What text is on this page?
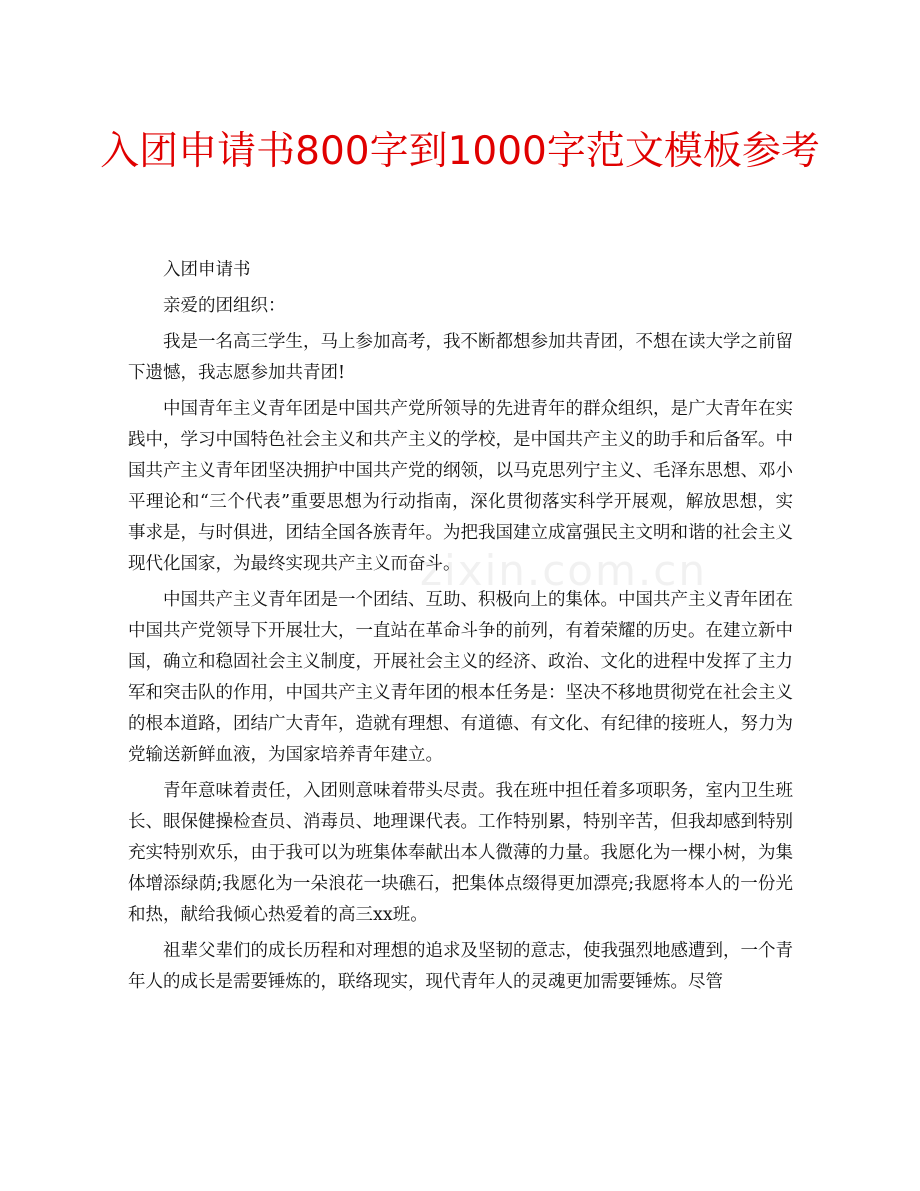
入团申请书800字到1000字范文模板参考
zixin.com.cn

入团申请书

亲爱的团组织：

我是一名高三学生，马上参加高考，我不断都想参加共青团，不想在读大学之前留下遗憾，我志愿参加共青团!

中国青年主义青年团是中国共产党所领导的先进青年的群众组织，是广大青年在实践中，学习中国特色社会主义和共产主义的学校，是中国共产主义的助手和后备军。中国共产主义青年团坚决拥护中国共产党的纲领，以马克思列宁主义、毛泽东思想、邓小平理论和“三个代表”重要思想为行动指南，深化贯彻落实科学开展观，解放思想，实事求是，与时俱进，团结全国各族青年。为把我国建立成富强民主文明和谐的社会主义现代化国家，为最终实现共产主义而奋斗。

中国共产主义青年团是一个团结、互助、积极向上的集体。中国共产主义青年团在中国共产党领导下开展壮大，一直站在革命斗争的前列，有着荣耀的历史。在建立新中国，确立和稳固社会主义制度，开展社会主义的经济、政治、文化的进程中发挥了主力军和突击队的作用，中国共产主义青年团的根本任务是：坚决不移地贯彻党在社会主义的根本道路，团结广大青年，造就有理想、有道德、有文化、有纪律的接班人，努力为党输送新鲜血液，为国家培养青年建立。

青年意味着责任，入团则意味着带头尽责。我在班中担任着多项职务，室内卫生班长、眼保健操检查员、消毒员、地理课代表。工作特别累，特别辛苦，但我却感到特别充实特别欢乐，由于我可以为班集体奉献出本人微薄的力量。我愿化为一棵小树，为集体增添绿荫;我愿化为一朵浪花一块礁石，把集体点缀得更加漂亮;我愿将本人的一份光和热，献给我倾心热爱着的高三xx班。

祖辈父辈们的成长历程和对理想的追求及坚韧的意志，使我强烈地感遭到，一个青年人的成长是需要锤炼的，联络现实，现代青年人的灵魂更加需要锤炼。尽管
